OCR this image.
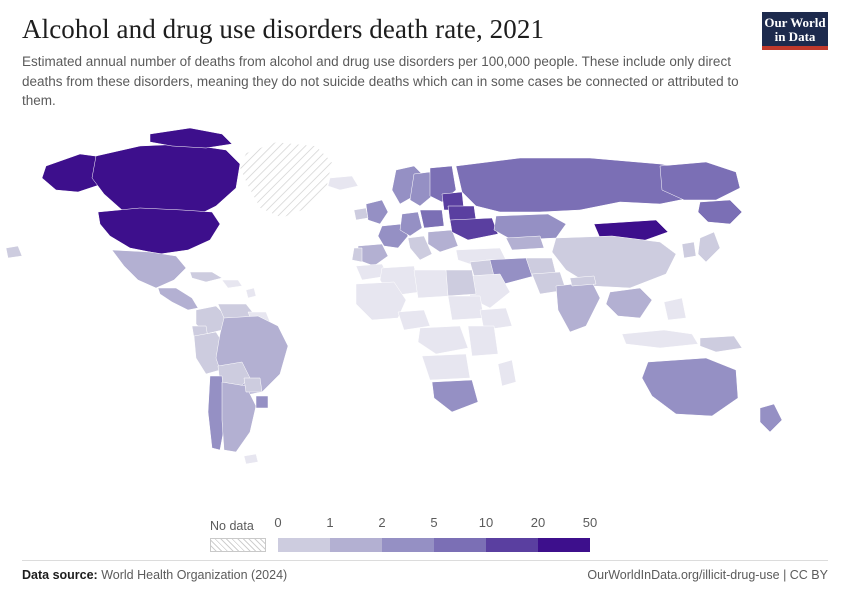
Our World
in Data
Alcohol and drug use disorders death rate, 2021

Estimated annual number of deaths from alcohol and drug use disorders per 100,000 people. These include only direct deaths from these disorders, meaning they do not suicide deaths which can in some cases be connected or attributed to them.

No data 0	1	2	5	10	20	50
Data source: World Health Organization (2024)	OurWorldInData.org/illicit-drug-use | CC BY
